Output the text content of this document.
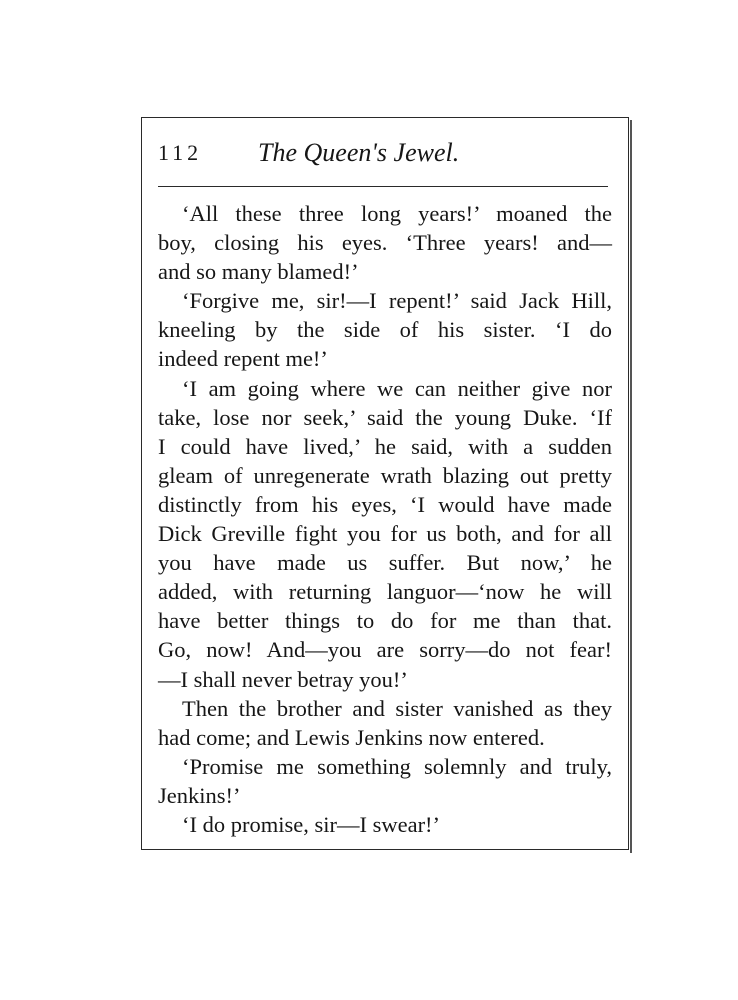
112 The Queen's Jewel.
‘All these three long years!’ moaned the
boy, closing his eyes. ‘Three years! and—
and so many blamed!’
‘Forgive me, sir!—I repent!’ said Jack Hill,
kneeling by the side of his sister. ‘I do
indeed repent me!’
‘I am going where we can neither give nor
take, lose nor seek,’ said the young Duke. ‘If
I could have lived,’ he said, with a sudden
gleam of unregenerate wrath blazing out pretty
distinctly from his eyes, ‘I would have made
Dick Greville fight you for us both, and for all
you have made us suffer. But now,’ he
added, with returning languor—‘now he will
have better things to do for me than that.
Go, now! And—you are sorry—do not fear!
—I shall never betray you!’
Then the brother and sister vanished as they
had come; and Lewis Jenkins now entered.
‘Promise me something solemnly and truly,
Jenkins!’
‘I do promise, sir—I swear!’
